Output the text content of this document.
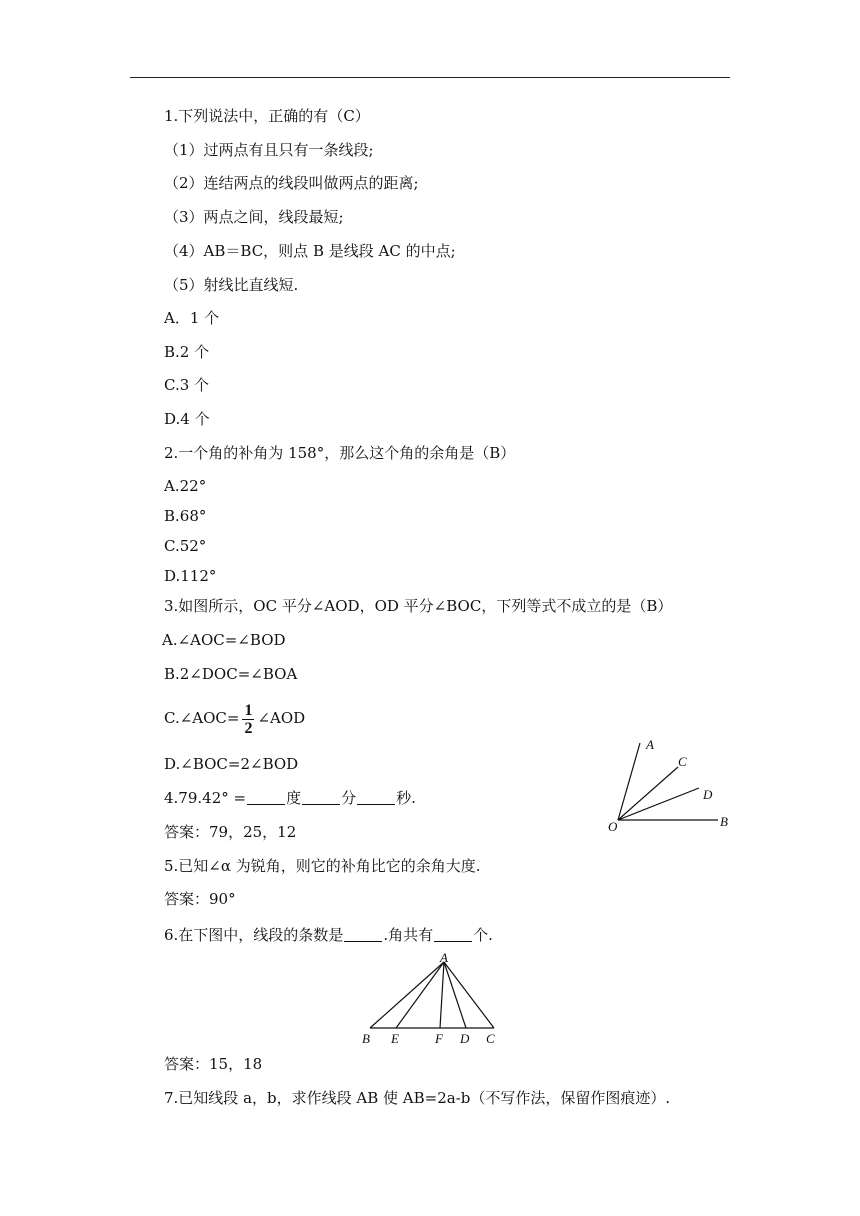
1.下列说法中，正确的有（C）
（1）过两点有且只有一条线段;
（2）连结两点的线段叫做两点的距离;
（3）两点之间，线段最短;
（4）AB＝BC，则点 B 是线段 AC 的中点;
（5）射线比直线短.
A．1 个
B.2 个
C.3 个
D.4 个
2.一个角的补角为 158°，那么这个角的余角是（B）
A.22°
B.68°
C.52°
D.112°
3.如图所示，OC 平分∠AOD，OD 平分∠BOC，下列等式不成立的是（B）
A.∠AOC=∠BOD
B.2∠DOC=∠BOA
C.∠AOC= $\frac{1}{2}$ ∠AOD
D.∠BOC=2∠BOD
A
C
D
O	B
4.79.42° =	度	分	秒.
答案：79，25，12
5.已知∠α 为锐角，则它的补角比它的余角大度.
答案：90°
6.在下图中，线段的条数是	.角共有	个.
A
B E	F D C
答案：15，18
7.已知线段 a，b，求作线段 AB 使 AB=2a-b（不写作法，保留作图痕迹）.
